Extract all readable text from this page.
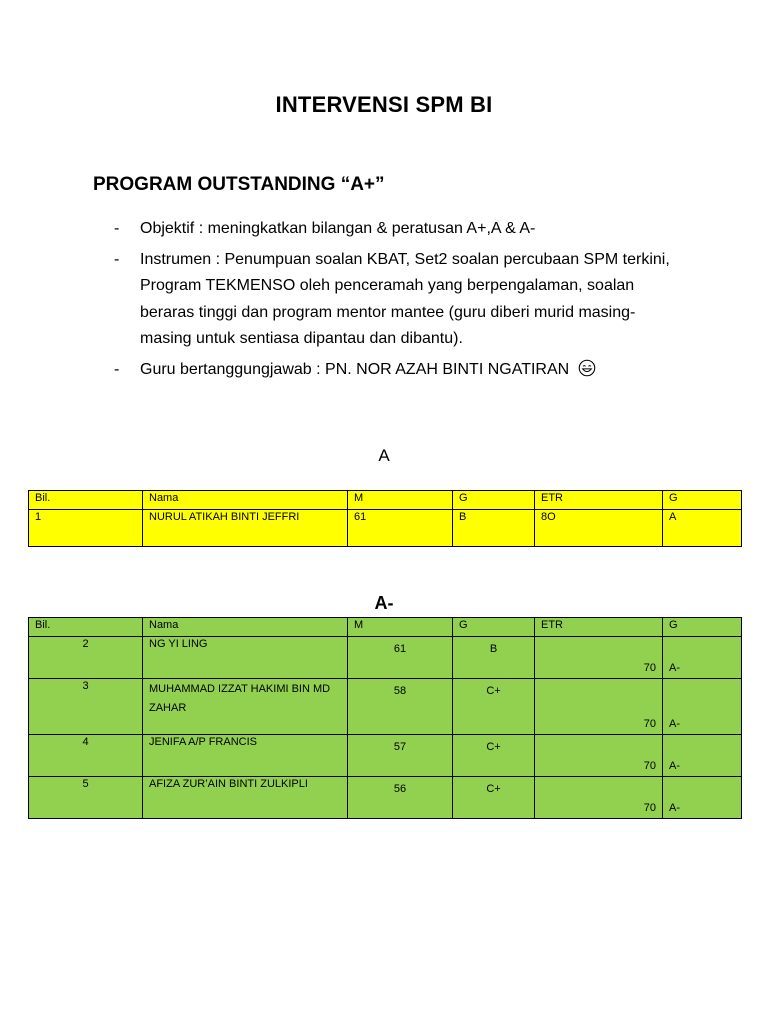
INTERVENSI SPM BI
PROGRAM OUTSTANDING “A+”
- Objektif : meningkatkan bilangan & peratusan A+,A & A-
- Instrumen : Penumpuan soalan KBAT, Set2 soalan percubaan SPM terkini, Program TEKMENSO oleh penceramah yang berpengalaman, soalan beraras tinggi dan program mentor mantee (guru diberi murid masing-masing untuk sentiasa dipantau dan dibantu).
- Guru bertanggungjawab : PN. NOR AZAH BINTI NGATIRAN
A
Bil.	Nama	M	G	ETR	G
1	NURUL ATIKAH BINTI JEFFRI	61	B	8O	A
A-
Bil.	Nama	M	G	ETR	G
2	NG YI LING	61	B	70	A-
3	MUHAMMAD IZZAT HAKIMI BIN MD ZAHAR	58	C+	70	A-
4	JENIFA A/P FRANCIS	57	C+	70	A-
5	AFIZA ZUR’AIN BINTI ZULKIPLI	56	C+	70	A-
